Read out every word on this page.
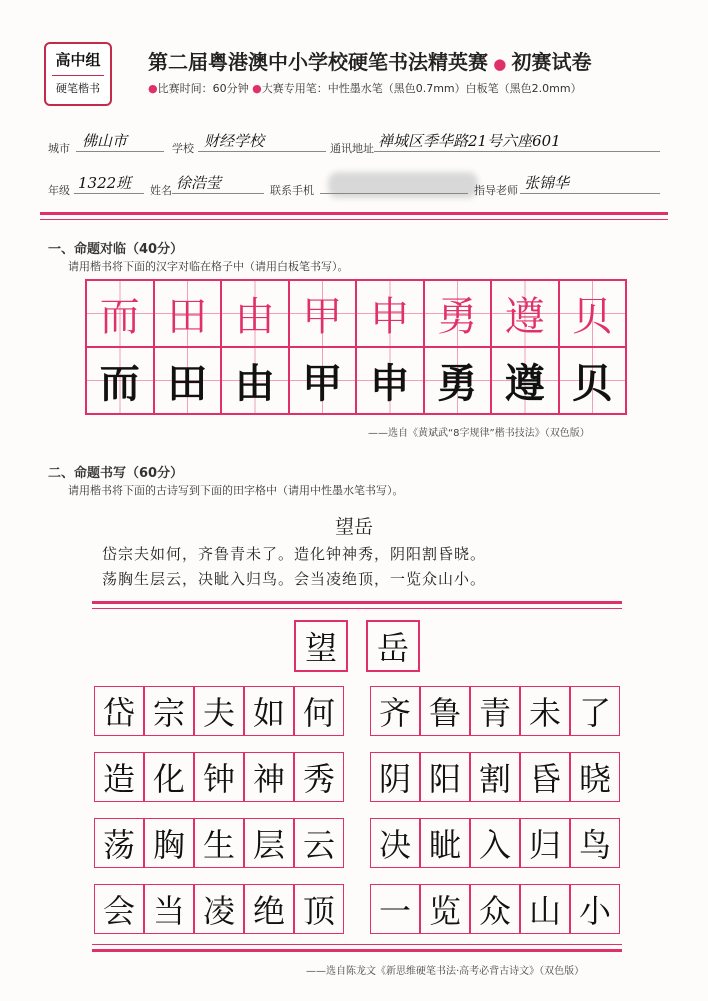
高中组
硬笔楷书
第二届粤港澳中小学校硬笔书法精英赛 ● 初赛试卷
●比赛时间：60分钟 ●大赛专用笔：中性墨水笔（黑色0.7mm）白板笔（黑色2.0mm）
城市 佛山市	学校 财经学校	通讯地址 禅城区季华路21号六座601
年级 1322班 姓名 徐浩莹	联系手机	指导老师 张锦华
一、命题对临（40分）
请用楷书将下面的汉字对临在格子中（请用白板笔书写）。
而 田 由 甲 申 勇 遵 贝
而 田 由 甲 申 勇 遵 贝
——选自《黄斌武“8字规律”楷书技法》（双色版）
二、命题书写（60分）
请用楷书将下面的古诗写到下面的田字格中（请用中性墨水笔书写）。
望岳
岱宗夫如何，齐鲁青未了。造化钟神秀，阴阳割昏晓。
荡胸生层云，决眦入归鸟。会当凌绝顶，一览众山小。
望	岳
岱 宗 夫 如 何 齐 鲁 青 未 了
造 化 钟 神 秀 阴 阳 割 昏 晓
荡 胸 生 层 云 决 眦 入 归 鸟
会 当 凌 绝 顶 一 览 众 山 小
——选自陈龙文《新思维硬笔书法·高考必背古诗文》（双色版）
